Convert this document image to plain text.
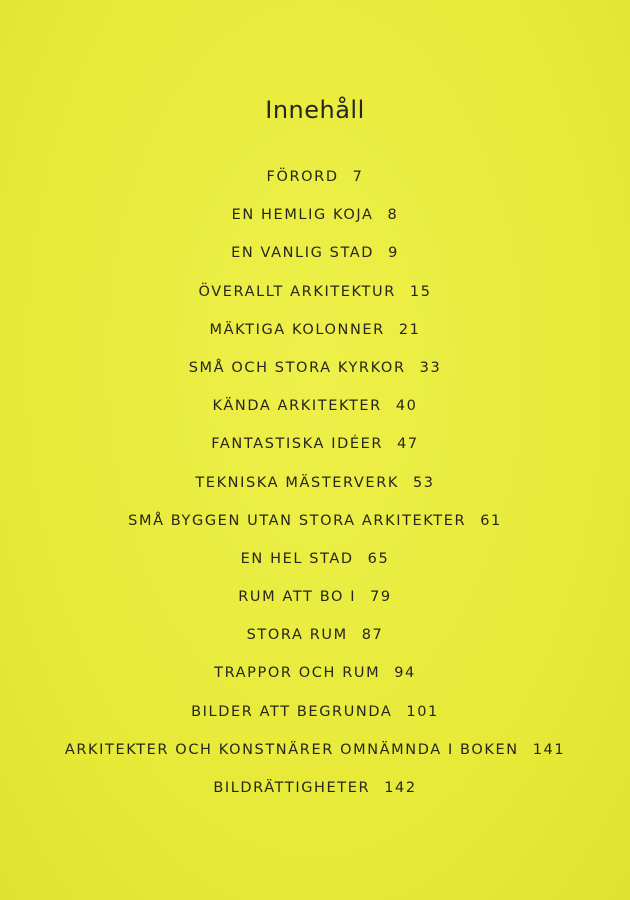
Innehåll
FÖRORD 7
EN HEMLIG KOJA 8
EN VANLIG STAD 9
ÖVERALLT ARKITEKTUR 15
MÄKTIGA KOLONNER 21
SMÅ OCH STORA KYRKOR 33
KÄNDA ARKITEKTER 40
FANTASTISKA IDÉER 47
TEKNISKA MÄSTERVERK 53
SMÅ BYGGEN UTAN STORA ARKITEKTER 61
EN HEL STAD 65
RUM ATT BO I 79
STORA RUM 87
TRAPPOR OCH RUM 94
BILDER ATT BEGRUNDA 101
ARKITEKTER OCH KONSTNÄRER OMNÄMNDA I BOKEN 141
BILDRÄTTIGHETER 142
